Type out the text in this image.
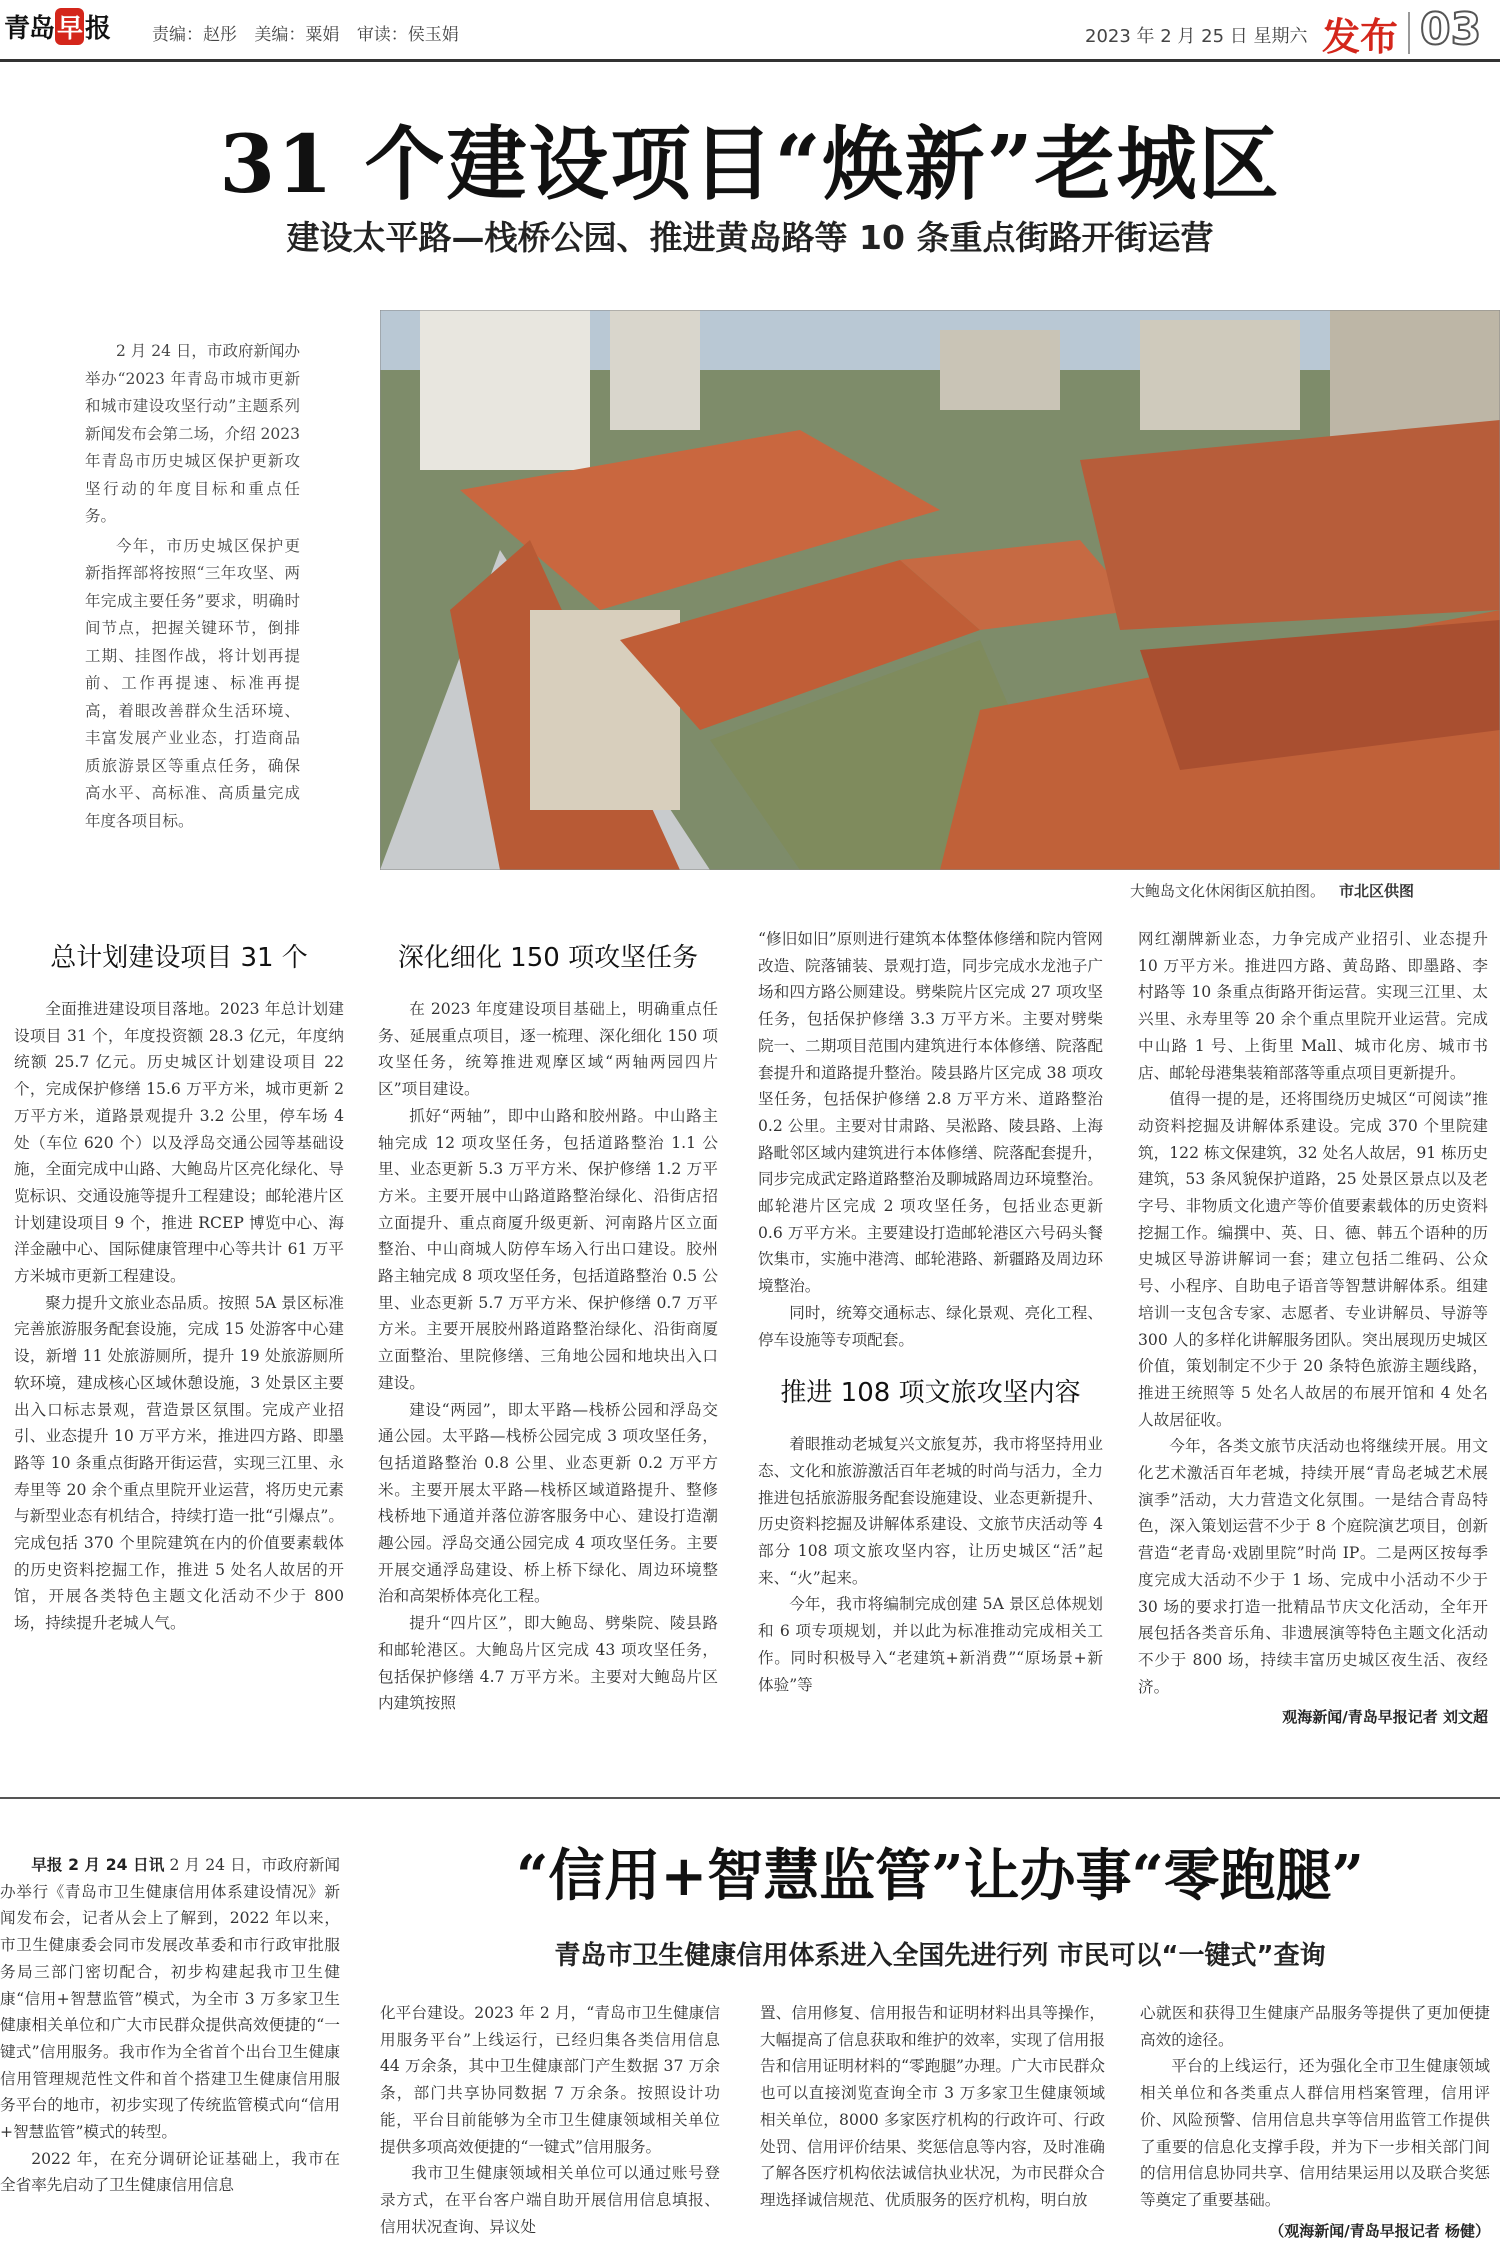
青岛 早 报 责编：赵彤 美编：粟娟 审读：侯玉娟	2023 年 2 月 25 日 星期六 发布 03
31 个建设项目“焕新”老城区
建设太平路—栈桥公园、推进黄岛路等 10 条重点街路开街运营

2 月 24 日，市政府新闻办举办“2023 年青岛市城市更新和城市建设攻坚行动”主题系列新闻发布会第二场，介绍 2023 年青岛市历史城区保护更新攻坚行动的年度目标和重点任务。

今年，市历史城区保护更新指挥部将按照“三年攻坚、两年完成主要任务”要求，明确时间节点，把握关键环节，倒排工期、挂图作战，将计划再提前、工作再提速、标准再提高，着眼改善群众生活环境、丰富发展产业业态，打造商品质旅游景区等重点任务，确保高水平、高标准、高质量完成年度各项目标。

大鲍岛文化休闲街区航拍图。 市北区供图
总计划建设项目 31 个

全面推进建设项目落地。2023 年总计划建设项目 31 个，年度投资额 28.3 亿元，年度纳统额 25.7 亿元。历史城区计划建设项目 22 个，完成保护修缮 15.6 万平方米，城市更新 2 万平方米，道路景观提升 3.2 公里，停车场 4 处（车位 620 个）以及浮岛交通公园等基础设施，全面完成中山路、大鲍岛片区亮化绿化、导览标识、交通设施等提升工程建设；邮轮港片区计划建设项目 9 个，推进 RCEP 博览中心、海洋金融中心、国际健康管理中心等共计 61 万平方米城市更新工程建设。

聚力提升文旅业态品质。按照 5A 景区标准完善旅游服务配套设施，完成 15 处游客中心建设，新增 11 处旅游厕所，提升 19 处旅游厕所软环境，建成核心区域休憩设施，3 处景区主要出入口标志景观，营造景区氛围。完成产业招引、业态提升 10 万平方米，推进四方路、即墨路等 10 条重点街路开街运营，实现三江里、永寿里等 20 余个重点里院开业运营，将历史元素与新型业态有机结合，持续打造一批“引爆点”。完成包括 370 个里院建筑在内的价值要素载体的历史资料挖掘工作，推进 5 处名人故居的开馆，开展各类特色主题文化活动不少于 800 场，持续提升老城人气。

深化细化 150 项攻坚任务

在 2023 年度建设项目基础上，明确重点任务、延展重点项目，逐一梳理、深化细化 150 项攻坚任务，统筹推进观摩区域“两轴两园四片区”项目建设。

抓好“两轴”，即中山路和胶州路。中山路主轴完成 12 项攻坚任务，包括道路整治 1.1 公里、业态更新 5.3 万平方米、保护修缮 1.2 万平方米。主要开展中山路道路整治绿化、沿街店招立面提升、重点商厦升级更新、河南路片区立面整治、中山商城人防停车场入行出口建设。胶州路主轴完成 8 项攻坚任务，包括道路整治 0.5 公里、业态更新 5.7 万平方米、保护修缮 0.7 万平方米。主要开展胶州路道路整治绿化、沿街商厦立面整治、里院修缮、三角地公园和地块出入口建设。

建设“两园”，即太平路—栈桥公园和浮岛交通公园。太平路—栈桥公园完成 3 项攻坚任务，包括道路整治 0.8 公里、业态更新 0.2 万平方米。主要开展太平路—栈桥区域道路提升、整修栈桥地下通道并落位游客服务中心、建设打造潮趣公园。浮岛交通公园完成 4 项攻坚任务。主要开展交通浮岛建设、桥上桥下绿化、周边环境整治和高架桥体亮化工程。

提升“四片区”，即大鲍岛、劈柴院、陵县路和邮轮港区。大鲍岛片区完成 43 项攻坚任务，包括保护修缮 4.7 万平方米。主要对大鲍岛片区内建筑按照

“修旧如旧”原则进行建筑本体整体修缮和院内管网改造、院落铺装、景观打造，同步完成水龙池子广场和四方路公厕建设。劈柴院片区完成 27 项攻坚任务，包括保护修缮 3.3 万平方米。主要对劈柴院一、二期项目范围内建筑进行本体修缮、院落配套提升和道路提升整治。陵县路片区完成 38 项攻坚任务，包括保护修缮 2.8 万平方米、道路整治 0.2 公里。主要对甘肃路、吴淞路、陵县路、上海路毗邻区域内建筑进行本体修缮、院落配套提升，同步完成武定路道路整治及聊城路周边环境整治。邮轮港片区完成 2 项攻坚任务，包括业态更新 0.6 万平方米。主要建设打造邮轮港区六号码头餐饮集市，实施中港湾、邮轮港路、新疆路及周边环境整治。

同时，统筹交通标志、绿化景观、亮化工程、停车设施等专项配套。

推进 108 项文旅攻坚内容

着眼推动老城复兴文旅复苏，我市将坚持用业态、文化和旅游激活百年老城的时尚与活力，全力推进包括旅游服务配套设施建设、业态更新提升、历史资料挖掘及讲解体系建设、文旅节庆活动等 4 部分 108 项文旅攻坚内容，让历史城区“活”起来、“火”起来。

今年，我市将编制完成创建 5A 景区总体规划和 6 项专项规划，并以此为标准推动完成相关工作。同时积极导入“老建筑+新消费”“原场景+新体验”等

网红潮牌新业态，力争完成产业招引、业态提升 10 万平方米。推进四方路、黄岛路、即墨路、李村路等 10 条重点街路开街运营。实现三江里、太兴里、永寿里等 20 余个重点里院开业运营。完成中山路 1 号、上街里 Mall、城市化房、城市书店、邮轮母港集装箱部落等重点项目更新提升。

值得一提的是，还将围绕历史城区“可阅读”推动资料挖掘及讲解体系建设。完成 370 个里院建筑，122 栋文保建筑，32 处名人故居，91 栋历史建筑，53 条风貌保护道路，25 处景区景点以及老字号、非物质文化遗产等价值要素载体的历史资料挖掘工作。编撰中、英、日、德、韩五个语种的历史城区导游讲解词一套；建立包括二维码、公众号、小程序、自助电子语音等智慧讲解体系。组建培训一支包含专家、志愿者、专业讲解员、导游等 300 人的多样化讲解服务团队。突出展现历史城区价值，策划制定不少于 20 条特色旅游主题线路，推进王统照等 5 处名人故居的布展开馆和 4 处名人故居征收。

今年，各类文旅节庆活动也将继续开展。用文化艺术激活百年老城，持续开展“青岛老城艺术展演季”活动，大力营造文化氛围。一是结合青岛特色，深入策划运营不少于 8 个庭院演艺项目，创新营造“老青岛·戏剧里院”时尚 IP。二是两区按每季度完成大活动不少于 1 场、完成中小活动不少于 30 场的要求打造一批精品节庆文化活动，全年开展包括各类音乐角、非遗展演等特色主题文化活动不少于 800 场，持续丰富历史城区夜生活、夜经济。

观海新闻/青岛早报记者 刘文超
“信用+智慧监管”让办事“零跑腿”
青岛市卫生健康信用体系进入全国先进行列 市民可以“一键式”查询

早报 2 月 24 日讯 2 月 24 日，市政府新闻办举行《青岛市卫生健康信用体系建设情况》新闻发布会，记者从会上了解到，2022 年以来，市卫生健康委会同市发展改革委和市行政审批服务局三部门密切配合，初步构建起我市卫生健康“信用+智慧监管”模式，为全市 3 万多家卫生健康相关单位和广大市民群众提供高效便捷的“一键式”信用服务。我市作为全省首个出台卫生健康信用管理规范性文件和首个搭建卫生健康信用服务平台的地市，初步实现了传统监管模式向“信用+智慧监管”模式的转型。

2022 年，在充分调研论证基础上，我市在全省率先启动了卫生健康信用信息

化平台建设。2023 年 2 月，“青岛市卫生健康信用服务平台”上线运行，已经归集各类信用信息 44 万余条，其中卫生健康部门产生数据 37 万余条，部门共享协同数据 7 万余条。按照设计功能，平台目前能够为全市卫生健康领域相关单位提供多项高效便捷的“一键式”信用服务。

我市卫生健康领域相关单位可以通过账号登录方式，在平台客户端自助开展信用信息填报、信用状况查询、异议处

置、信用修复、信用报告和证明材料出具等操作，大幅提高了信息获取和维护的效率，实现了信用报告和信用证明材料的“零跑腿”办理。广大市民群众也可以直接浏览查询全市 3 万多家卫生健康领域相关单位，8000 多家医疗机构的行政许可、行政处罚、信用评价结果、奖惩信息等内容，及时准确了解各医疗机构依法诚信执业状况，为市民群众合理选择诚信规范、优质服务的医疗机构，明白放

心就医和获得卫生健康产品服务等提供了更加便捷高效的途径。

平台的上线运行，还为强化全市卫生健康领域相关单位和各类重点人群信用档案管理，信用评价、风险预警、信用信息共享等信用监管工作提供了重要的信息化支撑手段，并为下一步相关部门间的信用信息协同共享、信用结果运用以及联合奖惩等奠定了重要基础。

（观海新闻/青岛早报记者 杨健）
